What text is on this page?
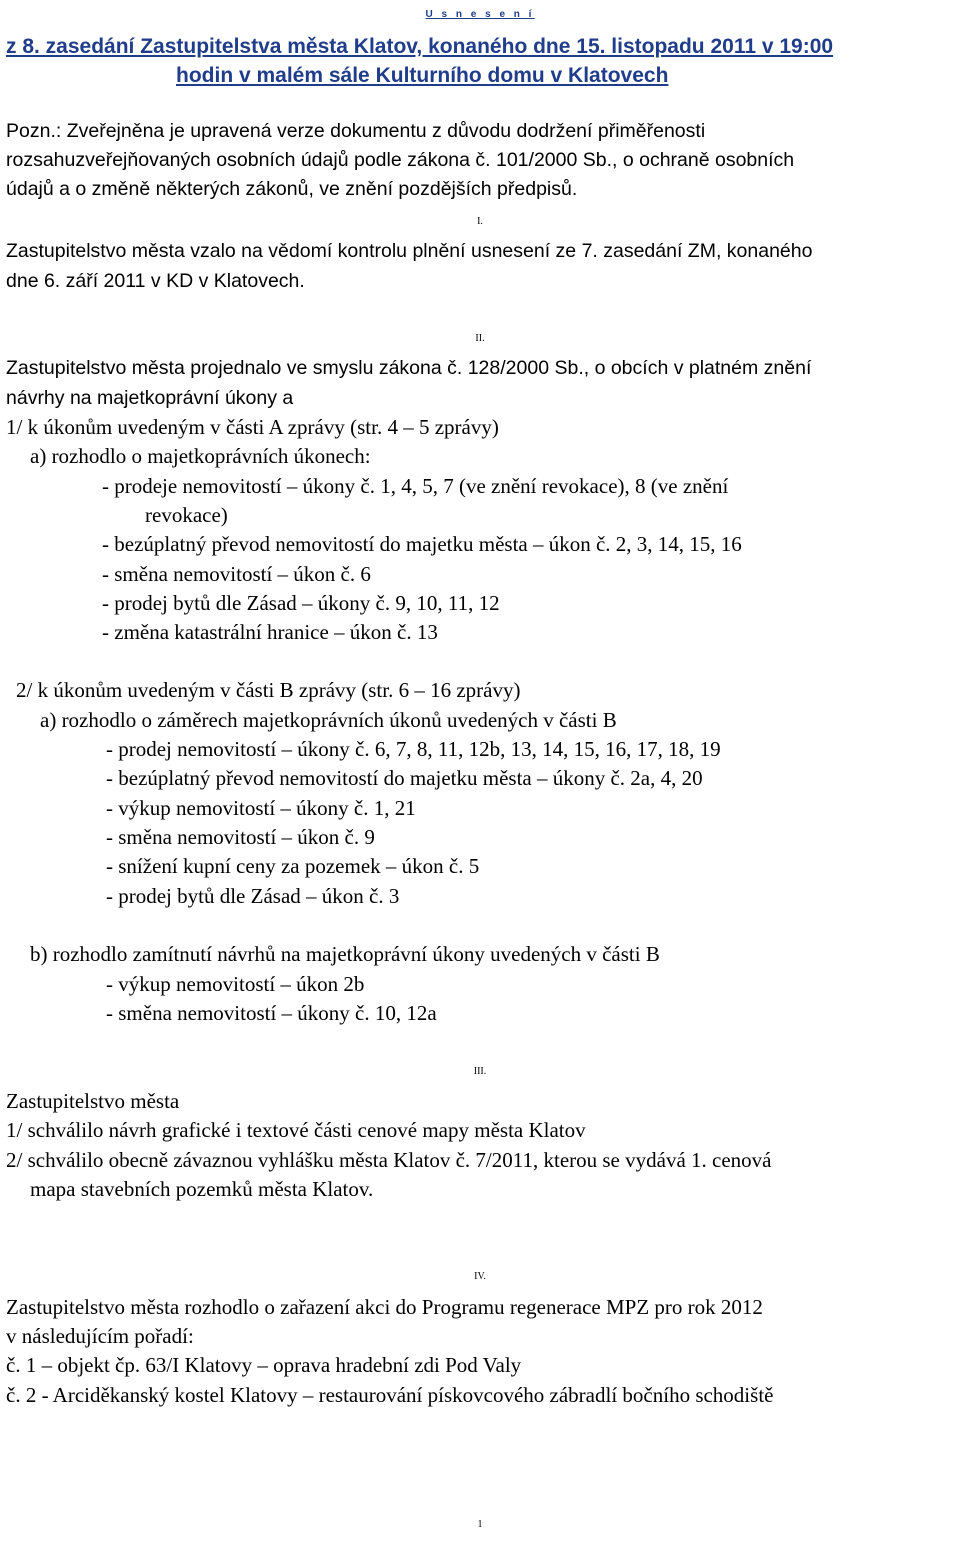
U s n e s e n í
z 8. zasedání Zastupitelstva města Klatov, konaného dne 15. listopadu 2011 v 19:00
hodin v malém sále Kulturního domu v Klatovech
Pozn.: Zveřejněna je upravená verze dokumentu z důvodu dodržení přiměřenosti
rozsahuzveřejňovaných osobních údajů podle zákona č. 101/2000 Sb., o ochraně osobních
údajů a o změně některých zákonů, ve znění pozdějších předpisů.
I.
Zastupitelstvo města vzalo na vědomí kontrolu plnění usnesení ze 7. zasedání ZM, konaného
dne 6. září 2011 v KD v Klatovech.
II.
Zastupitelstvo města projednalo ve smyslu zákona č. 128/2000 Sb., o obcích v platném znění
návrhy na majetkoprávní úkony a
1/ k úkonům uvedeným v části A zprávy (str. 4 – 5 zprávy)
a) rozhodlo o majetkoprávních úkonech:
- prodeje nemovitostí – úkony č. 1, 4, 5, 7 (ve znění revokace), 8 (ve znění
revokace)
- bezúplatný převod nemovitostí do majetku města – úkon č. 2, 3, 14, 15, 16
- směna nemovitostí – úkon č. 6
- prodej bytů dle Zásad – úkony č. 9, 10, 11, 12
- změna katastrální hranice – úkon č. 13
2/ k úkonům uvedeným v části B zprávy (str. 6 – 16 zprávy)
a) rozhodlo o záměrech majetkoprávních úkonů uvedených v části B
- prodej nemovitostí – úkony č. 6, 7, 8, 11, 12b, 13, 14, 15, 16, 17, 18, 19
- bezúplatný převod nemovitostí do majetku města – úkony č. 2a, 4, 20
- výkup nemovitostí – úkony č. 1, 21
- směna nemovitostí – úkon č. 9
- snížení kupní ceny za pozemek – úkon č. 5
- prodej bytů dle Zásad – úkon č. 3
b) rozhodlo zamítnutí návrhů na majetkoprávní úkony uvedených v části B
- výkup nemovitostí – úkon 2b
- směna nemovitostí – úkony č. 10, 12a
III.
Zastupitelstvo města
1/ schválilo návrh grafické i textové části cenové mapy města Klatov
2/ schválilo obecně závaznou vyhlášku města Klatov č. 7/2011, kterou se vydává 1. cenová
mapa stavebních pozemků města Klatov.
IV.
Zastupitelstvo města rozhodlo o zařazení akci do Programu regenerace MPZ pro rok 2012
v následujícím pořadí:
č. 1 – objekt čp. 63/I Klatovy – oprava hradební zdi Pod Valy
č. 2 - Arciděkanský kostel Klatovy – restaurování pískovcového zábradlí bočního schodiště
1
